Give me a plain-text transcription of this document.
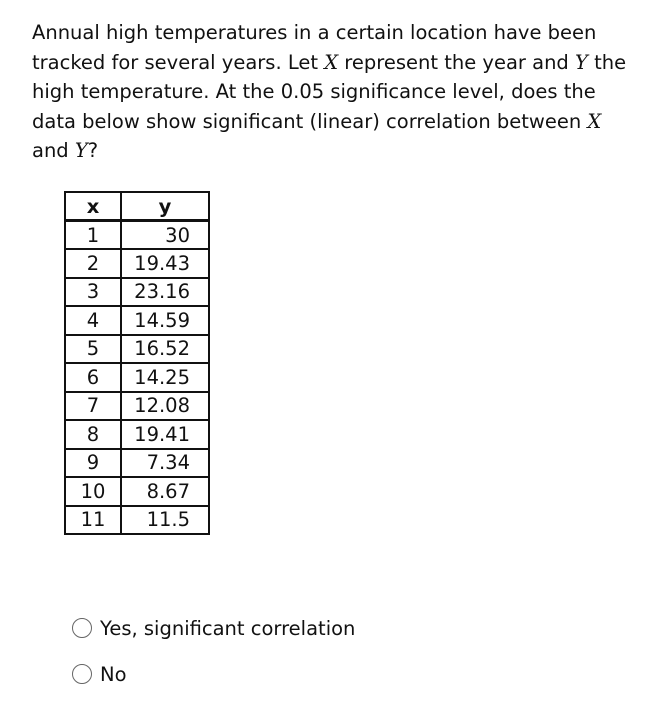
Annual high temperatures in a certain location have been tracked for several years. Let X represent the year and Y the high temperature. At the 0.05 significance level, does the data below show significant (linear) correlation between X and Y?

x	y
1	30
2	19.43
3	23.16
4	14.59
5	16.52
6	14.25
7	12.08
8	19.41
9	7.34
10	8.67
11	11.5
Yes, significant correlation
No
